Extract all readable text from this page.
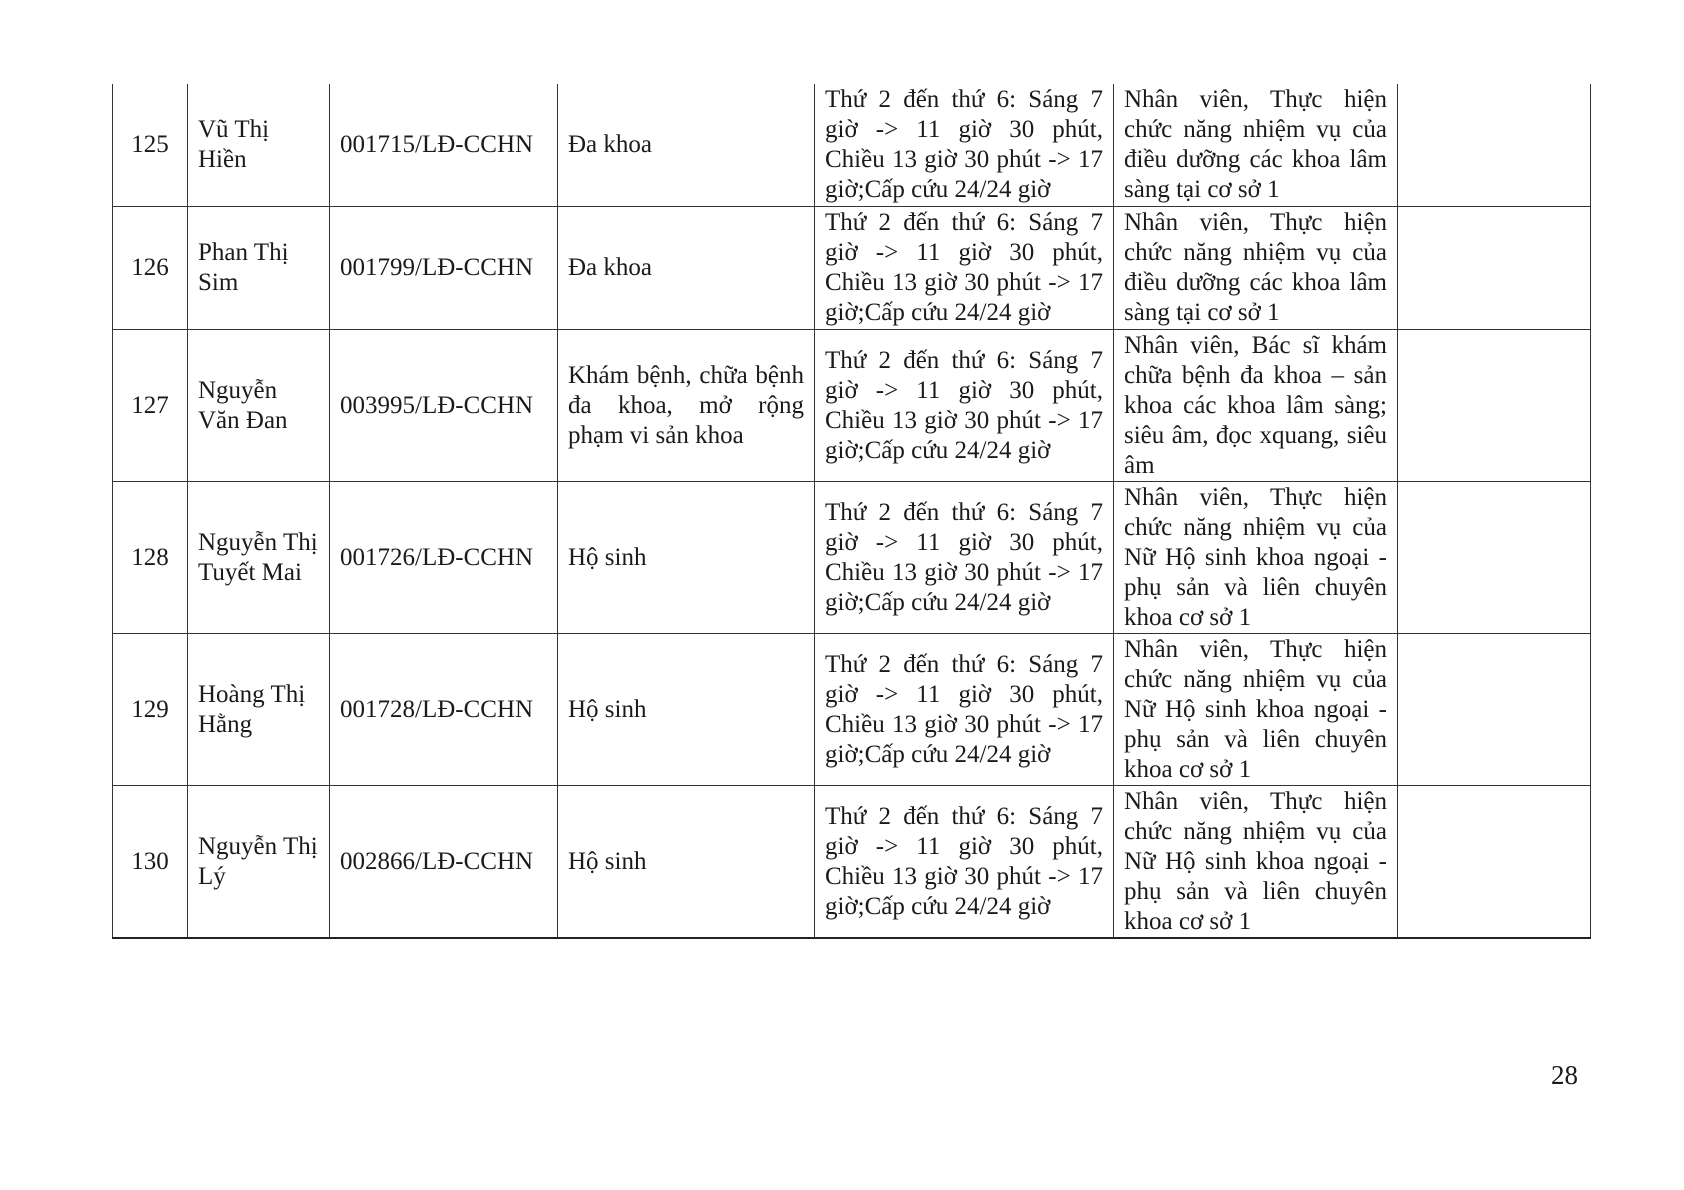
125	Vũ Thị Hiền	001715/LĐ-CCHN	Đa khoa	Thứ 2 đến thứ 6: Sáng 7 giờ -> 11 giờ 30 phút, Chiều 13 giờ 30 phút -> 17 giờ;Cấp cứu 24/24 giờ	Nhân viên, Thực hiện chức năng nhiệm vụ của điều dưỡng các khoa lâm sàng tại cơ sở 1	
126	Phan Thị Sim	001799/LĐ-CCHN	Đa khoa	Thứ 2 đến thứ 6: Sáng 7 giờ -> 11 giờ 30 phút, Chiều 13 giờ 30 phút -> 17 giờ;Cấp cứu 24/24 giờ	Nhân viên, Thực hiện chức năng nhiệm vụ của điều dưỡng các khoa lâm sàng tại cơ sở 1	
127	Nguyễn Văn Đan	003995/LĐ-CCHN	Khám bệnh, chữa bệnh đa khoa, mở rộng phạm vi sản khoa	Thứ 2 đến thứ 6: Sáng 7 giờ -> 11 giờ 30 phút, Chiều 13 giờ 30 phút -> 17 giờ;Cấp cứu 24/24 giờ	Nhân viên, Bác sĩ khám chữa bệnh đa khoa – sản khoa các khoa lâm sàng; siêu âm, đọc xquang, siêu âm	
128	Nguyễn Thị Tuyết Mai	001726/LĐ-CCHN	Hộ sinh	Thứ 2 đến thứ 6: Sáng 7 giờ -> 11 giờ 30 phút, Chiều 13 giờ 30 phút -> 17 giờ;Cấp cứu 24/24 giờ	Nhân viên, Thực hiện chức năng nhiệm vụ của Nữ Hộ sinh khoa ngoại - phụ sản và liên chuyên khoa cơ sở 1	
129	Hoàng Thị Hằng	001728/LĐ-CCHN	Hộ sinh	Thứ 2 đến thứ 6: Sáng 7 giờ -> 11 giờ 30 phút, Chiều 13 giờ 30 phút -> 17 giờ;Cấp cứu 24/24 giờ	Nhân viên, Thực hiện chức năng nhiệm vụ của Nữ Hộ sinh khoa ngoại - phụ sản và liên chuyên khoa cơ sở 1	
130	Nguyễn Thị Lý	002866/LĐ-CCHN	Hộ sinh	Thứ 2 đến thứ 6: Sáng 7 giờ -> 11 giờ 30 phút, Chiều 13 giờ 30 phút -> 17 giờ;Cấp cứu 24/24 giờ	Nhân viên, Thực hiện chức năng nhiệm vụ của Nữ Hộ sinh khoa ngoại - phụ sản và liên chuyên khoa cơ sở 1	
28
